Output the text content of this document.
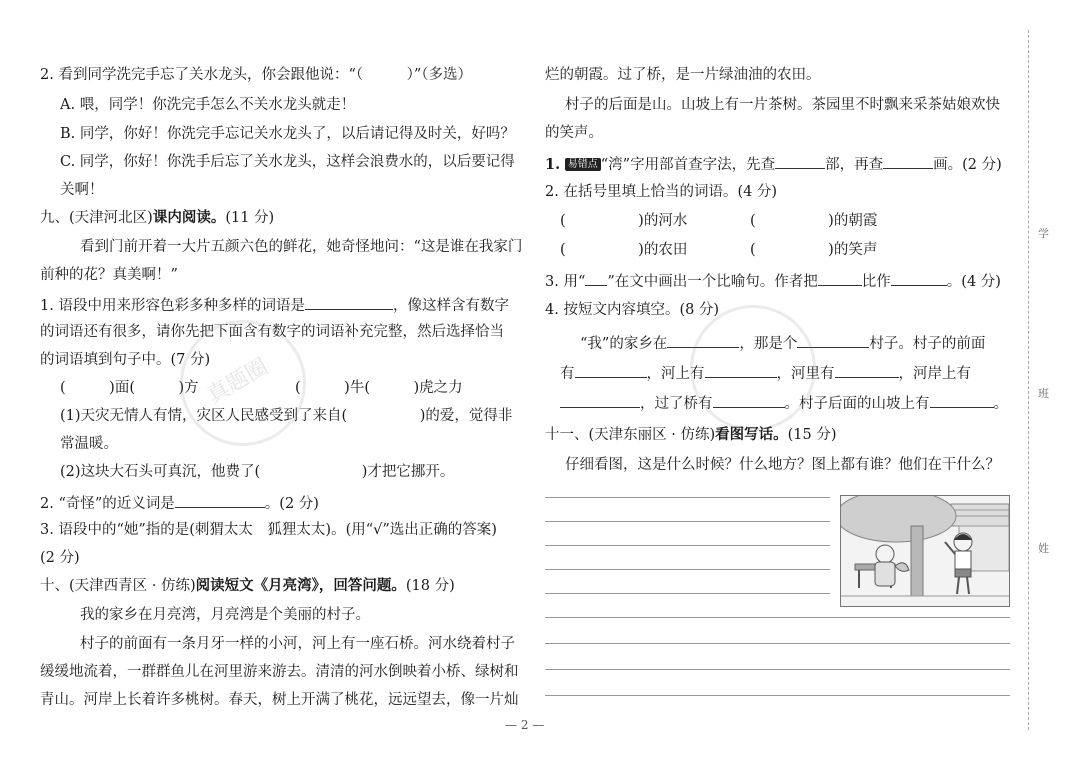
2. 看到同学洗完手忘了关水龙头，你会跟他说：“（　　　）”（多选）
A. 喂，同学！你洗完手怎么不关水龙头就走！
B. 同学，你好！你洗完手忘记关水龙头了，以后请记得及时关，好吗？
C. 同学，你好！你洗手后忘了关水龙头，这样会浪费水的，以后要记得
关啊！
九、(天津河北区)课内阅读。(11 分)
看到门前开着一大片五颜六色的鲜花，她奇怪地问：“这是谁在我家门
前种的花？真美啊！”
1. 语段中用来形容色彩多种多样的词语是	，像这样含有数字
的词语还有很多，请你先把下面含有数字的词语补充完整，然后选择恰当
的词语填到句子中。(7 分)
(　　　)面(　　　)方	(　　　)牛(　　　)虎之力
(1)天灾无情人有情，灾区人民感受到了来自(　　　　　)的爱，觉得非
常温暖。
(2)这块大石头可真沉，他费了(　　　　　　　)才把它挪开。
2. “奇怪”的近义词是	。(2 分)
3. 语段中的“她”指的是(刺猬太太　狐狸太太)。(用“√”选出正确的答案)
(2 分)
十、(天津西青区 · 仿练)阅读短文《月亮湾》，回答问题。(18 分)
我的家乡在月亮湾，月亮湾是个美丽的村子。
村子的前面有一条月牙一样的小河，河上有一座石桥。河水绕着村子
缓缓地流着，一群群鱼儿在河里游来游去。清清的河水倒映着小桥、绿树和
青山。河岸上长着许多桃树。春天，树上开满了桃花，远远望去，像一片灿
烂的朝霞。过了桥，是一片绿油油的农田。
村子的后面是山。山坡上有一片茶树。茶园里不时飘来采茶姑娘欢快
的笑声。
1. 易错点 “湾”字用部首查字法，先查	部，再查	画。(2 分)
2. 在括号里填上恰当的词语。(4 分)
(　　　　　)的河水	(　　　　　)的朝霞
(　　　　　)的农田	(　　　　　)的笑声
3. 用“ ”在文中画出一个比喻句。作者把	比作	。(4 分)
4. 按短文内容填空。(8 分)
“我”的家乡在	，那是个	村子。村子的前面
有	，河上有	，河里有	，河岸上有
，过了桥有	。村子后面的山坡上有	。
十一、(天津东丽区 · 仿练)看图写话。(15 分)
仔细看图，这是什么时候？什么地方？图上都有谁？他们在干什么？
真题圈
学
班
姓
— 2 —
